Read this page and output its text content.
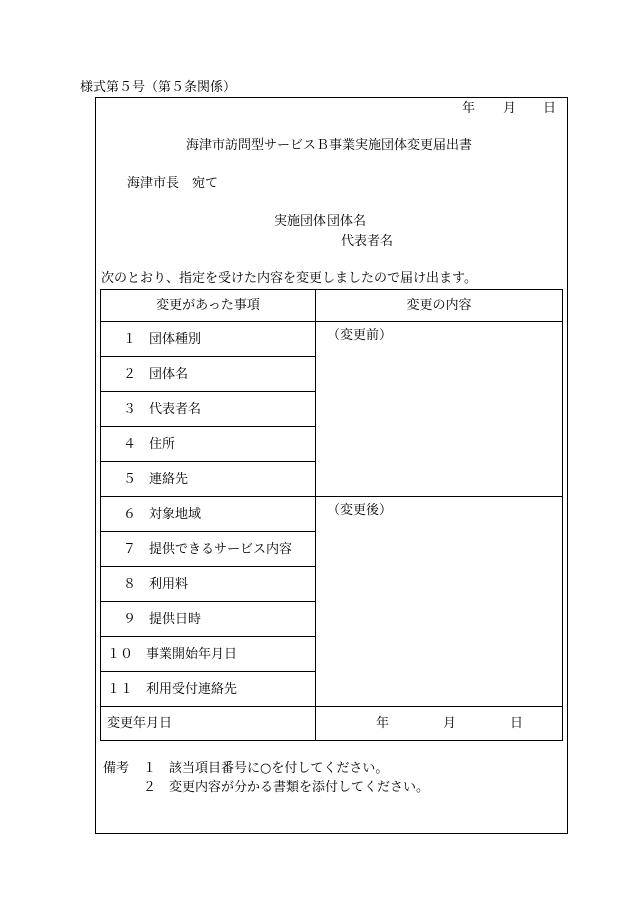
様式第５号（第５条関係）
年 月 日
海津市訪問型サービスＢ事業実施団体変更届出書
海津市長　宛て
実施団体 団体名
代表者名
次のとおり、指定を受けた内容を変更しましたので届け出ます。
変更があった事項	変更の内容
１　団体種別	（変更前）
２　団体名	
３　代表者名	
４　住所	
５　連絡先	
６　対象地域	（変更後）
７　提供できるサービス内容	
８　利用料	
９　提供日時	
１０　事業開始年月日	
１１　利用受付連絡先	
変更年月日	年 月 日
備考 １ 該当項目番号に○を付してください。
２ 変更内容が分かる書類を添付してください。
